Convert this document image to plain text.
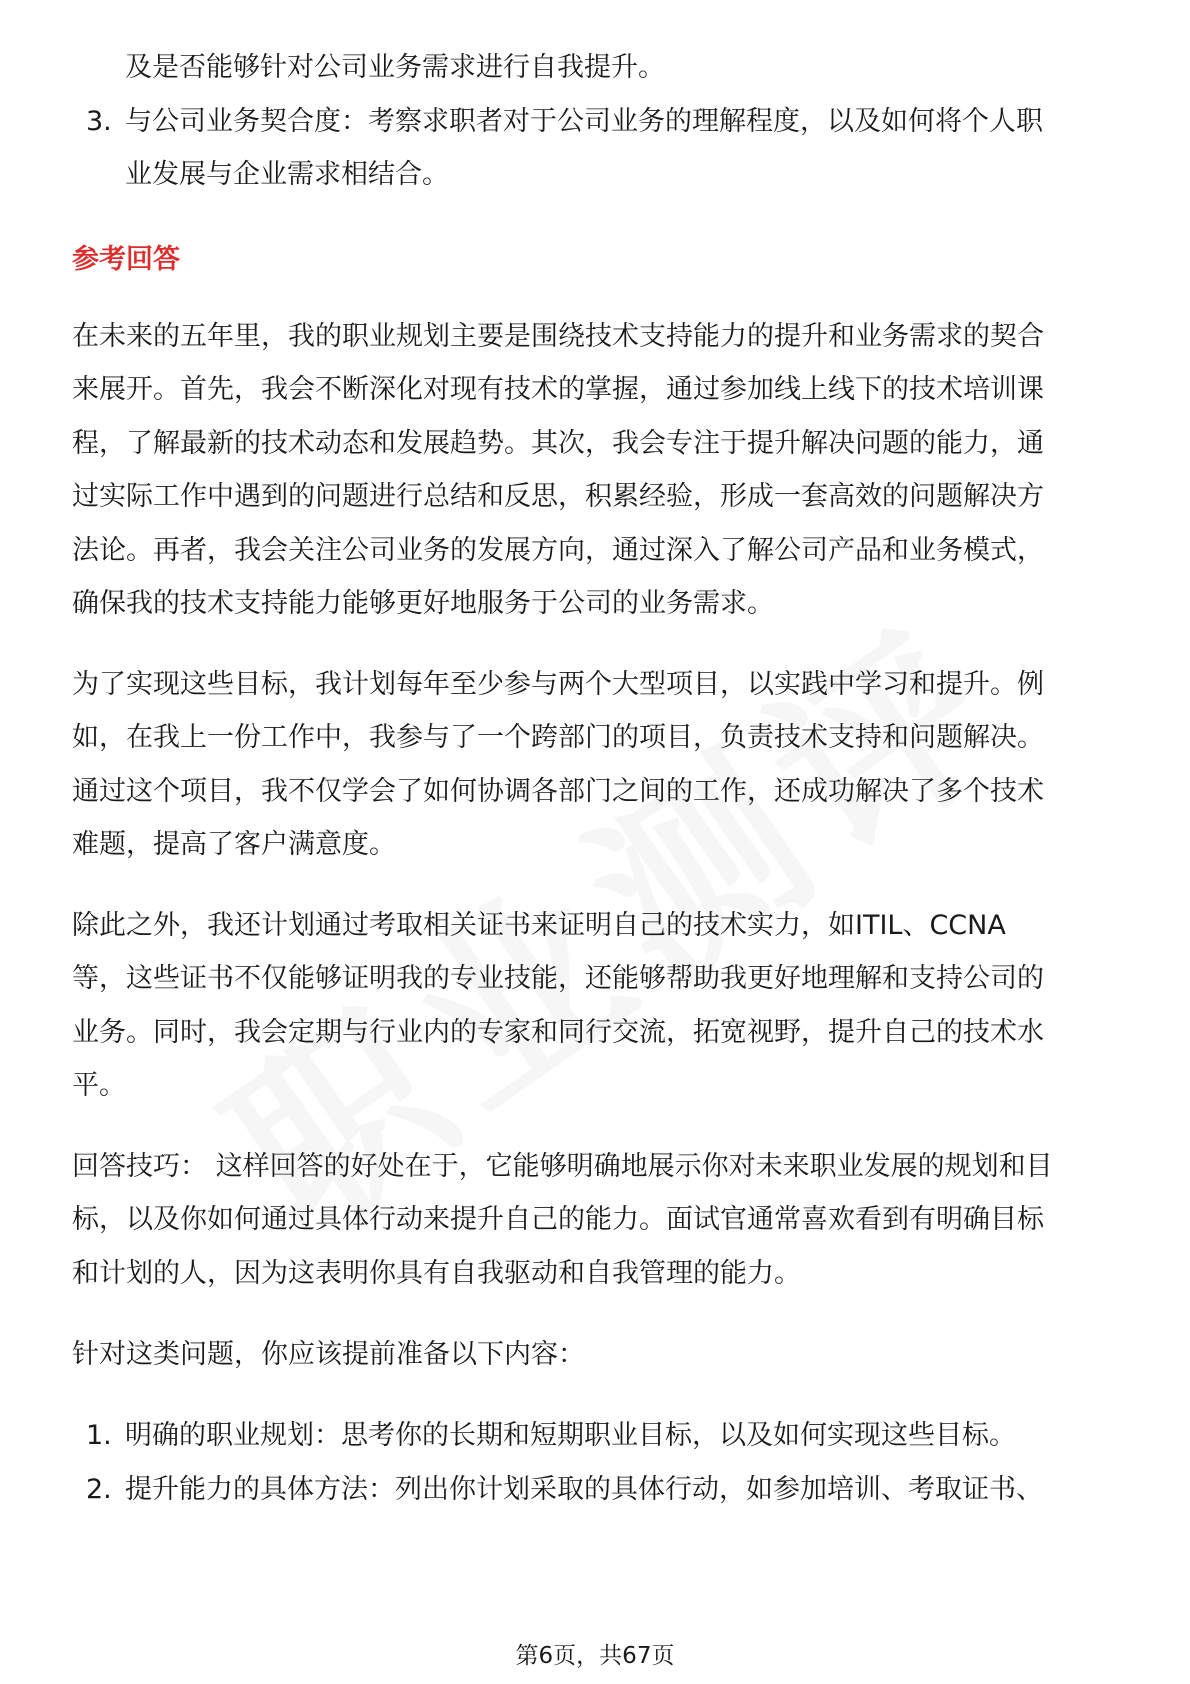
及是否能够针对公司业务需求进行自我提升。
3. 与公司业务契合度：考察求职者对于公司业务的理解程度，以及如何将个人职
业发展与企业需求相结合。
参考回答
在未来的五年里，我的职业规划主要是围绕技术支持能力的提升和业务需求的契合
来展开。首先，我会不断深化对现有技术的掌握，通过参加线上线下的技术培训课
程，了解最新的技术动态和发展趋势。其次，我会专注于提升解决问题的能力，通
过实际工作中遇到的问题进行总结和反思，积累经验，形成一套高效的问题解决方
法论。再者，我会关注公司业务的发展方向，通过深入了解公司产品和业务模式，
确保我的技术支持能力能够更好地服务于公司的业务需求。
为了实现这些目标，我计划每年至少参与两个大型项目，以实践中学习和提升。例
如，在我上一份工作中，我参与了一个跨部门的项目，负责技术支持和问题解决。
通过这个项目，我不仅学会了如何协调各部门之间的工作，还成功解决了多个技术
难题，提高了客户满意度。
除此之外，我还计划通过考取相关证书来证明自己的技术实力，如ITIL、CCNA
等，这些证书不仅能够证明我的专业技能，还能够帮助我更好地理解和支持公司的
业务。同时，我会定期与行业内的专家和同行交流，拓宽视野，提升自己的技术水
平。
回答技巧： 这样回答的好处在于，它能够明确地展示你对未来职业发展的规划和目
标，以及你如何通过具体行动来提升自己的能力。面试官通常喜欢看到有明确目标
和计划的人，因为这表明你具有自我驱动和自我管理的能力。
针对这类问题，你应该提前准备以下内容：
1. 明确的职业规划：思考你的长期和短期职业目标，以及如何实现这些目标。
2. 提升能力的具体方法：列出你计划采取的具体行动，如参加培训、考取证书、
第6页，共67页
